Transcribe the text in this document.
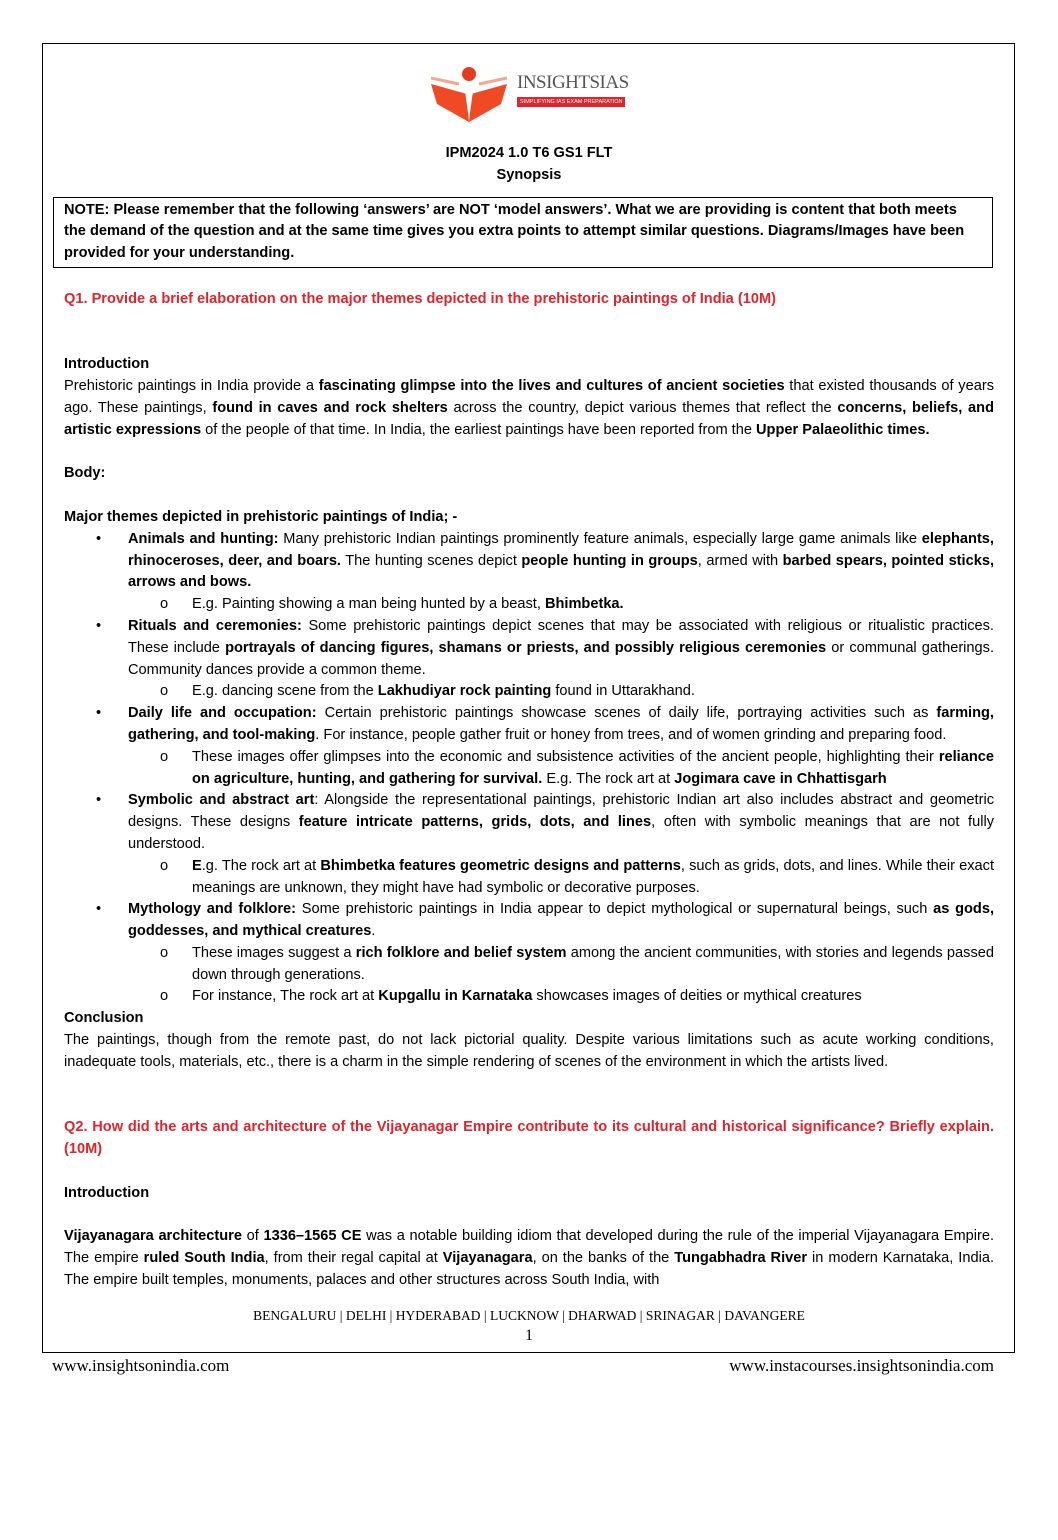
INSIGHTSIAS
SIMPLIFYING IAS EXAM PREPARATION
IPM2024 1.0 T6 GS1 FLT
Synopsis
NOTE: Please remember that the following ‘answers’ are NOT ‘model answers’. What we are providing is content that both meets the demand of the question and at the same time gives you extra points to attempt similar questions. Diagrams/Images have been provided for your understanding.
Q1. Provide a brief elaboration on the major themes depicted in the prehistoric paintings of India (10M)
Introduction
Prehistoric paintings in India provide a fascinating glimpse into the lives and cultures of ancient societies that existed thousands of years ago. These paintings, found in caves and rock shelters across the country, depict various themes that reflect the concerns, beliefs, and artistic expressions of the people of that time. In India, the earliest paintings have been reported from the Upper Palaeolithic times.
Body:
Major themes depicted in prehistoric paintings of India; -
• Animals and hunting: Many prehistoric Indian paintings prominently feature animals, especially large game animals like elephants, rhinoceroses, deer, and boars. The hunting scenes depict people hunting in groups, armed with barbed spears, pointed sticks, arrows and bows.
o E.g. Painting showing a man being hunted by a beast, Bhimbetka.
• Rituals and ceremonies: Some prehistoric paintings depict scenes that may be associated with religious or ritualistic practices. These include portrayals of dancing figures, shamans or priests, and possibly religious ceremonies or communal gatherings. Community dances provide a common theme.
o E.g. dancing scene from the Lakhudiyar rock painting found in Uttarakhand.
• Daily life and occupation: Certain prehistoric paintings showcase scenes of daily life, portraying activities such as farming, gathering, and tool-making. For instance, people gather fruit or honey from trees, and of women grinding and preparing food.
o These images offer glimpses into the economic and subsistence activities of the ancient people, highlighting their reliance on agriculture, hunting, and gathering for survival. E.g. The rock art at Jogimara cave in Chhattisgarh
• Symbolic and abstract art: Alongside the representational paintings, prehistoric Indian art also includes abstract and geometric designs. These designs feature intricate patterns, grids, dots, and lines, often with symbolic meanings that are not fully understood.
o E.g. The rock art at Bhimbetka features geometric designs and patterns, such as grids, dots, and lines. While their exact meanings are unknown, they might have had symbolic or decorative purposes.
• Mythology and folklore: Some prehistoric paintings in India appear to depict mythological or supernatural beings, such as gods, goddesses, and mythical creatures.
o These images suggest a rich folklore and belief system among the ancient communities, with stories and legends passed down through generations.
o For instance, The rock art at Kupgallu in Karnataka showcases images of deities or mythical creatures
Conclusion
The paintings, though from the remote past, do not lack pictorial quality. Despite various limitations such as acute working conditions, inadequate tools, materials, etc., there is a charm in the simple rendering of scenes of the environment in which the artists lived.
Q2. How did the arts and architecture of the Vijayanagar Empire contribute to its cultural and historical significance? Briefly explain. (10M)
Introduction
Vijayanagara architecture of 1336–1565 CE was a notable building idiom that developed during the rule of the imperial Vijayanagara Empire. The empire ruled South India, from their regal capital at Vijayanagara, on the banks of the Tungabhadra River in modern Karnataka, India. The empire built temples, monuments, palaces and other structures across South India, with
BENGALURU | DELHI | HYDERABAD | LUCKNOW | DHARWAD | SRINAGAR | DAVANGERE
1
www.insightsonindia.com	www.instacourses.insightsonindia.com
